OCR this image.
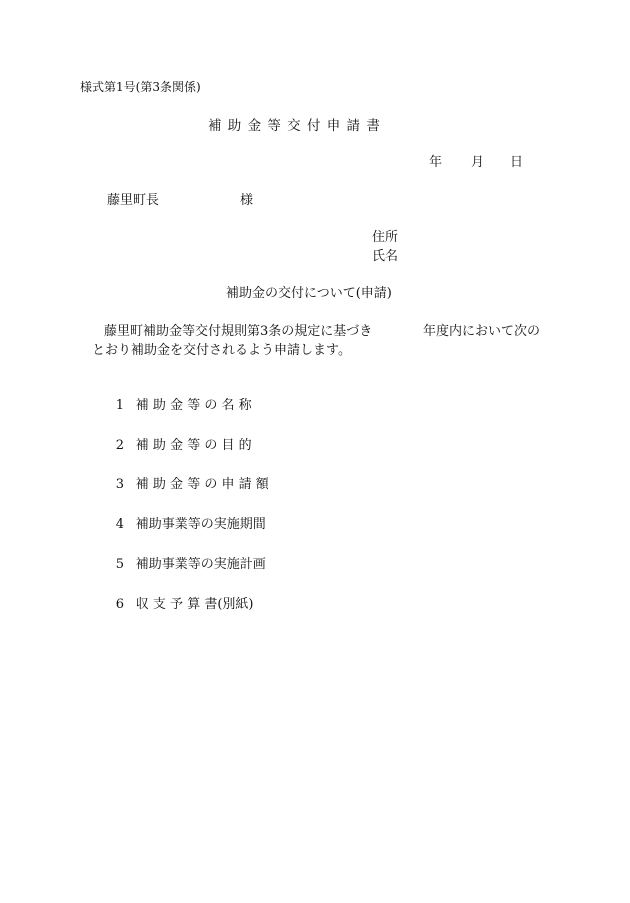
様式第1号(第3条関係)
補 助 金 等 交 付 申 請 書
年 月 日
藤里町長	様
住所
氏名
補助金の交付について(申請)
藤里町補助金等交付規則第3条の規定に基づき	年度内において次の
とおり補助金を交付されるよう申請します。

1 補 助 金 等 の 名 称

2 補 助 金 等 の 目 的

3 補 助 金 等 の 申 請 額

4 補助事業等の実施期間

5 補助事業等の実施計画

6 収 支 予 算 書(別紙)
